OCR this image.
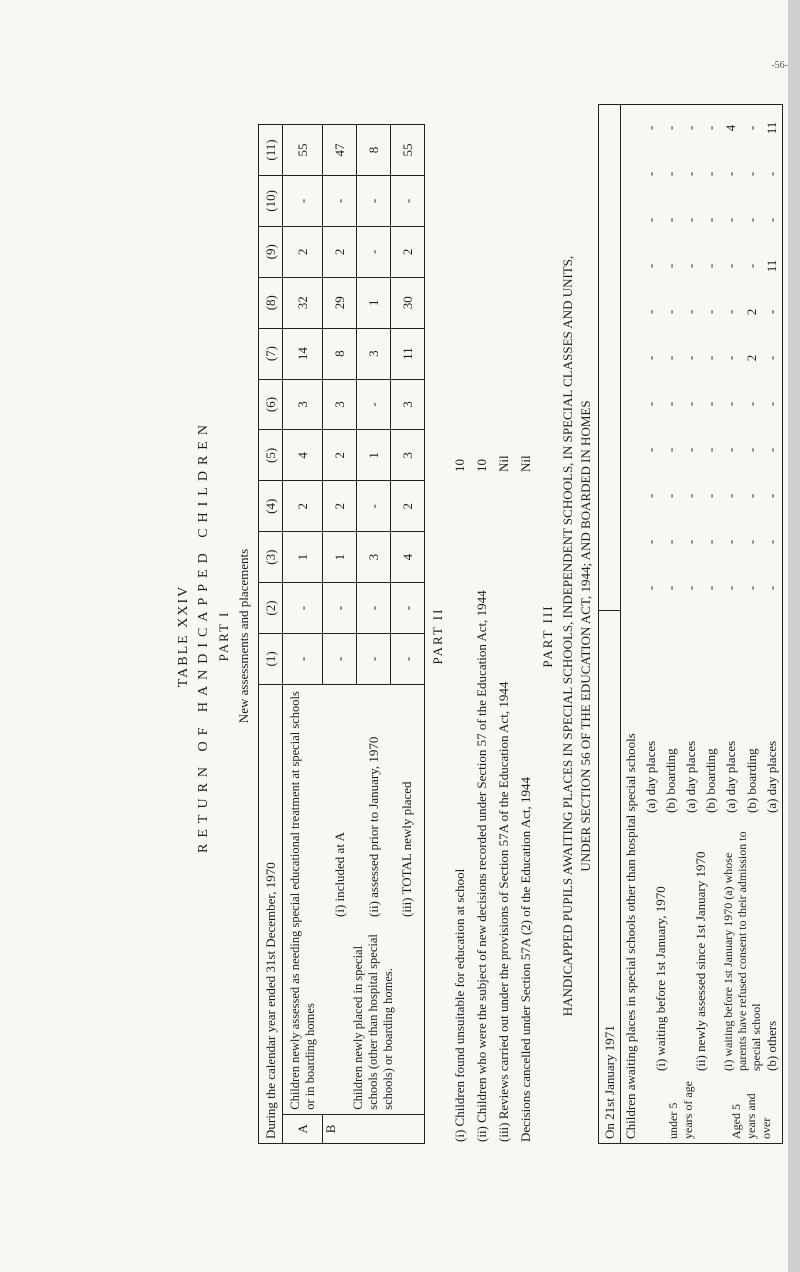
-56-
TABLE XXIV RETURN OF HANDICAPPED CHILDREN PART I New assessments and placements
During the calendar year ended 31st December, 1970			(1)	(2)	(3)	(4)	(5)	(6)	(7)	(8)	(9)	(10)	(11)
A	Children newly assessed as needing special educational treatment at special schools or in boarding homes		-	-	1	2	4	3	14	32	2	-	55
B	Children newly placed in special schools (other than hospital special schools) or boarding homes.	(i) included at A	-	-	1	2	2	3	8	29	2	-	47
		(ii) assessed prior to January, 1970	-	-	3	-	1	-	3	1	-	-	8
		(iii) TOTAL newly placed	-	-	4	2	3	3	11	30	2	-	55
PART II
(i) Children found unsuitable for education at school
10
(ii) Children who were the subject of new decisions recorded under Section 57 of the Education Act, 1944
10
(iii) Reviews carried out under the provisions of Section 57A of the Education Act, 1944
Nil
Decisions cancelled under Section 57A (2) of the Education Act, 1944
Nil
PART III HANDICAPPED PUPILS AWAITING PLACES IN SPECIAL SCHOOLS, INDEPENDENT SCHOOLS, IN SPECIAL CLASSES AND UNITS, UNDER SECTION 56 OF THE EDUCATION ACT, 1944; AND BOARDED IN HOMES
On 21st January 1971														
Children awaiting places in special schools other than hospital special schools														
under 5 years of age	(i) waiting before 1st January, 1970	(a) day places		-	-	-	-	-	-	-	-	-	-	-
		(b) boarding		-	-	-	-	-	-	-	-	-	-	-
	(ii) newly assessed since 1st January 1970	(a) day places		-	-	-	-	-	-	-	-	-	-	-
		(b) boarding		-	-	-	-	-	-	-	-	-	-	-
Aged 5 years and over	(i) waiting before 1st January 1970 (a) whose parents have refused consent to their admission to special school	(a) day places		-	-	-	-	-	-	-	-	-	-	4
		(b) boarding		-	-	-	-	-	2	2	-	-	-	-
	(b) others	(a) day places		-	-	-	-	-	-	-	11	-	-	11
